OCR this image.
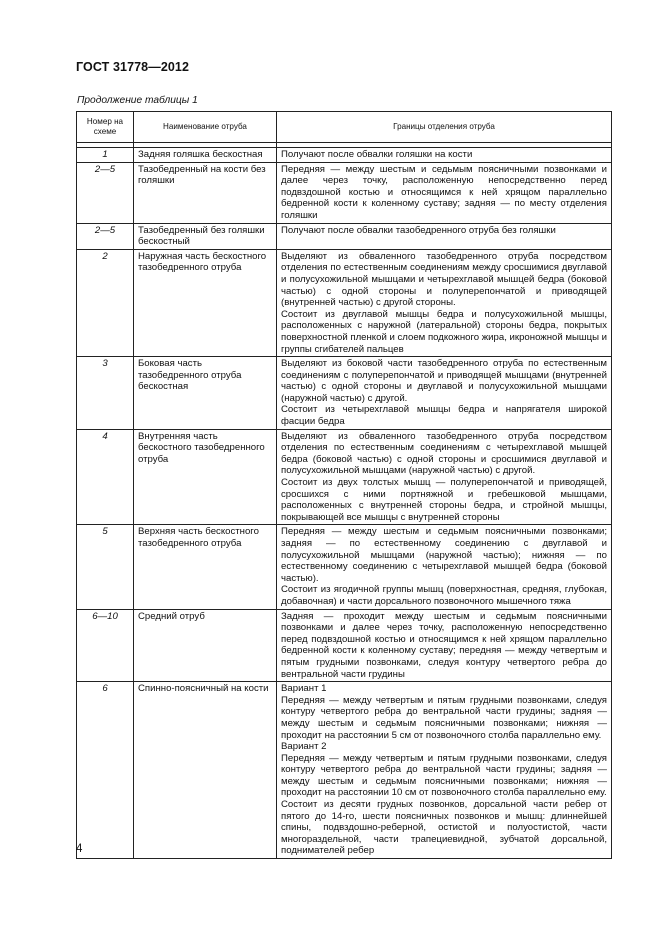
ГОСТ 31778—2012
Продолжение таблицы 1
Номер на схеме	Наименование отруба	Границы отделения отруба

1	Задняя голяшка бескостная	Получают после обвалки голяшки на кости

2—5	Тазобедренный на кости без голяшки	Передняя — между шестым и седьмым поясничными позвонками и далее через точку, расположенную непосредственно перед подвздошной костью и относящимся к ней хрящом параллельно бедренной кости к коленному суставу; задняя — по месту отделения голяшки

2—5	Тазобедренный без голяшки бескостный	Получают после обвалки тазобедренного отруба без голяшки

2	Наружная часть бескостного тазобедренного отруба	Выделяют из обваленного тазобедренного отруба посредством отделения по естественным соединениям между сросшимися двуглавой и полусухожильной мышцами и четырехглавой мышцей бедра (боковой частью) с одной стороны и полуперепончатой и приводящей (внутренней частью) с другой стороны.
Состоит из двуглавой мышцы бедра и полусухожильной мышцы, расположенных с наружной (латеральной) стороны бедра, покрытых поверхностной пленкой и слоем подкожного жира, икроножной мышцы и группы сгибателей пальцев

3	Боковая часть тазобедренного отруба бескостная	Выделяют из боковой части тазобедренного отруба по естественным соединениям с полуперепончатой и приводящей мышцами (внутренней частью) с одной стороны и двуглавой и полусухожильной мышцами (наружной частью) с другой.
Состоит из четырехглавой мышцы бедра и напрягателя широкой фасции бедра

4	Внутренняя часть бескостного тазобедренного отруба	Выделяют из обваленного тазобедренного отруба посредством отделения по естественным соединениям с четырехглавой мышцей бедра (боковой частью) с одной стороны и сросшимися двуглавой и полусухожильной мышцами (наружной частью) с другой.
Состоит из двух толстых мышц — полуперепончатой и приводящей, сросшихся с ними портняжной и гребешковой мышцами, расположенных с внутренней стороны бедра, и стройной мышцы, покрывающей все мышцы с внутренней стороны

5	Верхняя часть бескостного тазобедренного отруба	Передняя — между шестым и седьмым поясничными позвонками; задняя — по естественному соединению с двуглавой и полусухожильной мышцами (наружной частью); нижняя — по естественному соединению с четырехглавой мышцей бедра (боковой частью).
Состоит из ягодичной группы мышц (поверхностная, средняя, глубокая, добавочная) и части дорсального позвоночного мышечного тяжа

6—10	Средний отруб	Задняя — проходит между шестым и седьмым поясничными позвонками и далее через точку, расположенную непосредственно перед подвздошной костью и относящимся к ней хрящом параллельно бедренной кости к коленному суставу; передняя — между четвертым и пятым грудными позвонками, следуя контуру четвертого ребра до вентральной части грудины

6	Спинно-поясничный на кости	Вариант 1
Передняя — между четвертым и пятым грудными позвонками, следуя контуру четвертого ребра до вентральной части грудины; задняя — между шестым и седьмым поясничными позвонками; нижняя — проходит на расстоянии 5 см от позвоночного столба параллельно ему.
Вариант 2
Передняя — между четвертым и пятым грудными позвонками, следуя контуру четвертого ребра до вентральной части грудины; задняя — между шестым и седьмым поясничными позвонками; нижняя — проходит на расстоянии 10 см от позвоночного столба параллельно ему.
Состоит из десяти грудных позвонков, дорсальной части ребер от пятого до 14-го, шести поясничных позвонков и мышц: длиннейшей спины, подвздошно-реберной, остистой и полуостистой, части многораздельной, части трапециевидной, зубчатой дорсальной, поднимателей ребер
4
